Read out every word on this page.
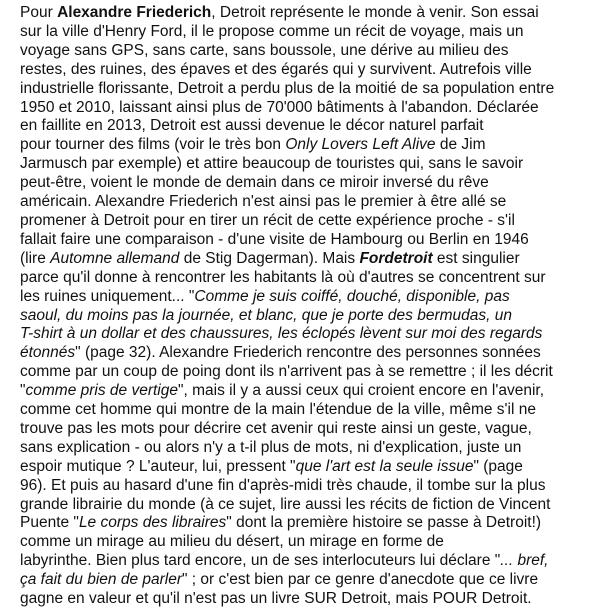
Pour Alexandre Friederich, Detroit représente le monde à venir. Son essai
sur la ville d'Henry Ford, il le propose comme un récit de voyage, mais un
voyage sans GPS, sans carte, sans boussole, une dérive au milieu des
restes, des ruines, des épaves et des égarés qui y survivent. Autrefois ville
industrielle florissante, Detroit a perdu plus de la moitié de sa population entre
1950 et 2010, laissant ainsi plus de 70'000 bâtiments à l'abandon. Déclarée
en faillite en 2013, Detroit est aussi devenue le décor naturel parfait
pour tourner des films (voir le très bon Only Lovers Left Alive de Jim
Jarmusch par exemple) et attire beaucoup de touristes qui, sans le savoir
peut-être, voient le monde de demain dans ce miroir inversé du rêve
américain. Alexandre Friederich n'est ainsi pas le premier à être allé se
promener à Detroit pour en tirer un récit de cette expérience proche - s'il
fallait faire une comparaison - d'une visite de Hambourg ou Berlin en 1946
(lire Automne allemand de Stig Dagerman). Mais Fordetroit est singulier
parce qu'il donne à rencontrer les habitants là où d'autres se concentrent sur
les ruines uniquement... "Comme je suis coiffé, douché, disponible, pas
saoul, du moins pas la journée, et blanc, que je porte des bermudas, un
T-shirt à un dollar et des chaussures, les éclopés lèvent sur moi des regards
étonnés" (page 32). Alexandre Friederich rencontre des personnes sonnées
comme par un coup de poing dont ils n'arrivent pas à se remettre ; il les décrit
"comme pris de vertige", mais il y a aussi ceux qui croient encore en l'avenir,
comme cet homme qui montre de la main l'étendue de la ville, même s'il ne
trouve pas les mots pour décrire cet avenir qui reste ainsi un geste, vague,
sans explication - ou alors n'y a t-il plus de mots, ni d'explication, juste un
espoir mutique ? L'auteur, lui, pressent "que l'art est la seule issue" (page
96). Et puis au hasard d'une fin d'après-midi très chaude, il tombe sur la plus
grande librairie du monde (à ce sujet, lire aussi les récits de fiction de Vincent
Puente "Le corps des libraires" dont la première histoire se passe à Detroit!)
comme un mirage au milieu du désert, un mirage en forme de
labyrinthe. Bien plus tard encore, un de ses interlocuteurs lui déclare "... bref,
ça fait du bien de parler" ; or c'est bien par ce genre d'anecdote que ce livre
gagne en valeur et qu'il n'est pas un livre SUR Detroit, mais POUR Detroit.
